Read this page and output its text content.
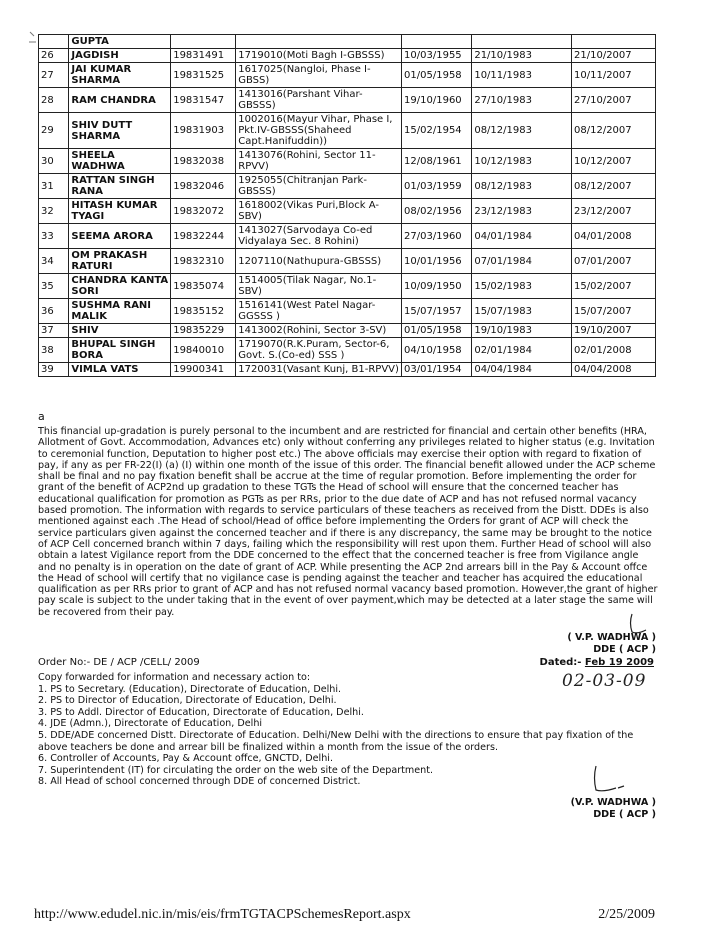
	GUPTA					
26	JAGDISH	19831491	1719010(Moti Bagh I-GBSSS)	10/03/1955	21/10/1983	21/10/2007
27	JAI KUMAR SHARMA	19831525	1617025(Nangloi, Phase I-GBSS)	01/05/1958	10/11/1983	10/11/2007
28	RAM CHANDRA	19831547	1413016(Parshant Vihar-GBSSS)	19/10/1960	27/10/1983	27/10/2007
29	SHIV DUTT SHARMA	19831903	1002016(Mayur Vihar, Phase I, Pkt.IV-GBSSS(Shaheed Capt.Hanifuddin))	15/02/1954	08/12/1983	08/12/2007
30	SHEELA WADHWA	19832038	1413076(Rohini, Sector 11-RPVV)	12/08/1961	10/12/1983	10/12/2007
31	RATTAN SINGH RANA	19832046	1925055(Chitranjan Park-GBSSS)	01/03/1959	08/12/1983	08/12/2007
32	HITASH KUMAR TYAGI	19832072	1618002(Vikas Puri,Block A-SBV)	08/02/1956	23/12/1983	23/12/2007
33	SEEMA ARORA	19832244	1413027(Sarvodaya Co-ed Vidyalaya Sec. 8 Rohini)	27/03/1960	04/01/1984	04/01/2008
34	OM PRAKASH RATURI	19832310	1207110(Nathupura-GBSSS)	10/01/1956	07/01/1984	07/01/2007
35	CHANDRA KANTA SORI	19835074	1514005(Tilak Nagar, No.1-SBV)	10/09/1950	15/02/1983	15/02/2007
36	SUSHMA RANI MALIK	19835152	1516141(West Patel Nagar-GGSSS )	15/07/1957	15/07/1983	15/07/2007
37	SHIV	19835229	1413002(Rohini, Sector 3-SV)	01/05/1958	19/10/1983	19/10/2007
38	BHUPAL SINGH BORA	19840010	1719070(R.K.Puram, Sector-6, Govt. S.(Co-ed) SSS )	04/10/1958	02/01/1984	02/01/2008
39	VIMLA VATS	19900341	1720031(Vasant Kunj, B1-RPVV)	03/01/1954	04/04/1984	04/04/2008
a
This financial up-gradation is purely personal to the incumbent and are restricted for financial and certain other benefits (HRA, Allotment of Govt. Accommodation, Advances etc) only without conferring any privileges related to higher status (e.g. Invitation to ceremonial function, Deputation to higher post etc.) The above officials may exercise their option with regard to fixation of pay, if any as per FR-22(I) (a) (I) within one month of the issue of this order. The financial benefit allowed under the ACP scheme shall be final and no pay fixation benefit shall be accrue at the time of regular promotion. Before implementing the order for grant of the benefit of ACP2nd up gradation to these TGTs the Head of school will ensure that the concerned teacher has educational qualification for promotion as PGTs as per RRs, prior to the due date of ACP and has not refused normal vacancy based promotion. The information with regards to service particulars of these teachers as received from the Distt. DDEs is also mentioned against each .The Head of school/Head of office before implementing the Orders for grant of ACP will check the service particulars given against the concerned teacher and if there is any discrepancy, the same may be brought to the notice of ACP Cell concerned branch within 7 days, failing which the responsibility will rest upon them. Further Head of school will also obtain a latest Vigilance report from the DDE concerned to the effect that the concerned teacher is free from Vigilance angle and no penalty is in operation on the date of grant of ACP. While presenting the ACP 2nd arrears bill in the Pay & Account offce the Head of school will certify that no vigilance case is pending against the teacher and teacher has acquired the educational qualification as per RRs prior to grant of ACP and has not refused normal vacancy based promotion. However,the grant of higher pay scale is subject to the under taking that in the event of over payment,which may be detected at a later stage the same will be recovered from their pay.
( V.P. WADHWA )
DDE ( ACP )
Order No:- DE / ACP /CELL/ 2009	Dated:- Feb 19 2009
02-03-09
Copy forwarded for information and necessary action to:
1. PS to Secretary. (Education), Directorate of Education, Delhi.
2. PS to Director of Education, Directorate of Education, Delhi.
3. PS to Addl. Director of Education, Directorate of Education, Delhi.
4. JDE (Admn.), Directorate of Education, Delhi
5. DDE/ADE concerned Distt. Directorate of Education. Delhi/New Delhi with the directions to ensure that pay fixation of the above teachers be done and arrear bill be finalized within a month from the issue of the orders.
6. Controller of Accounts, Pay & Account offce, GNCTD, Delhi.
7. Superintendent (IT) for circulating the order on the web site of the Department.
8. All Head of school concerned through DDE of concerned District.
(V.P. WADHWA )
DDE ( ACP )
http://www.edudel.nic.in/mis/eis/frmTGTACPSchemesReport.aspx	2/25/2009
